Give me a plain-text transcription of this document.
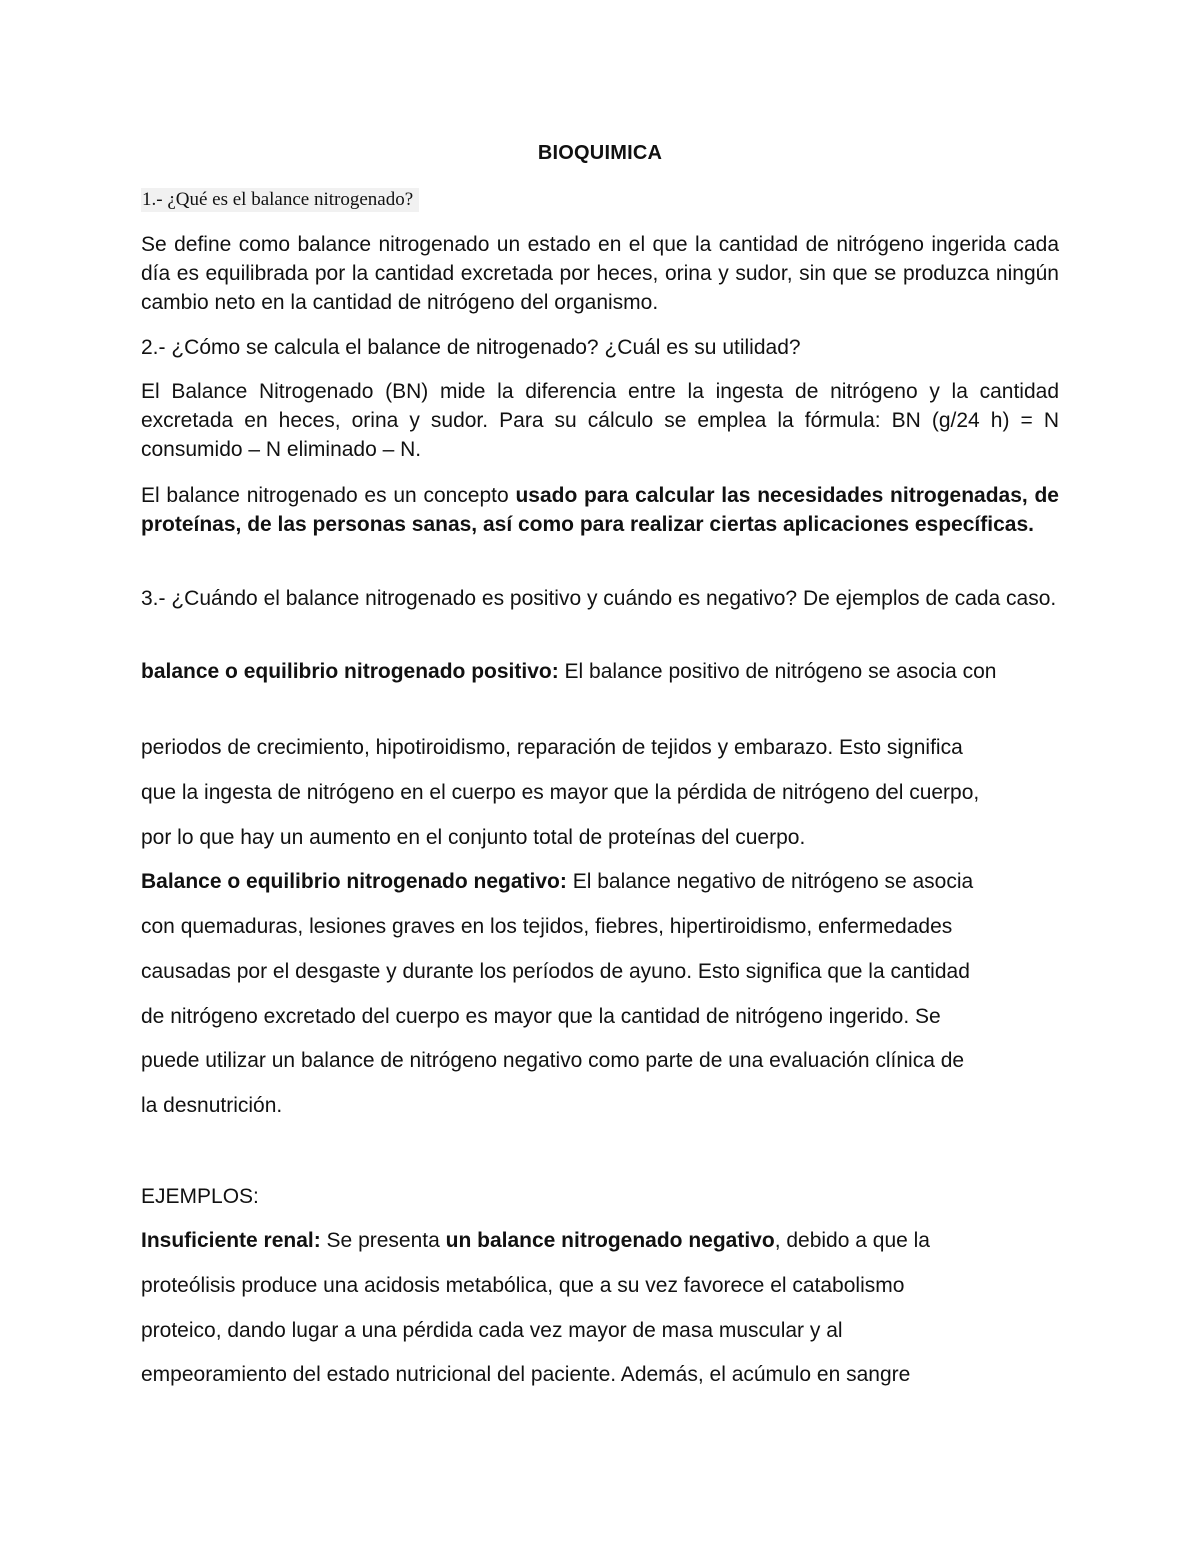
BIOQUIMICA
1.- ¿Qué es el balance nitrogenado?
Se define como balance nitrogenado un estado en el que la cantidad de nitrógeno ingerida cada día es equilibrada por la cantidad excretada por heces, orina y sudor, sin que se produzca ningún cambio neto en la cantidad de nitrógeno del organismo.
2.- ¿Cómo se calcula el balance de nitrogenado? ¿Cuál es su utilidad?
El Balance Nitrogenado (BN) mide la diferencia entre la ingesta de nitrógeno y la cantidad excretada en heces, orina y sudor. Para su cálculo se emplea la fórmula: BN (g/24 h) = N consumido – N eliminado – N.
El balance nitrogenado es un concepto usado para calcular las necesidades nitrogenadas, de proteínas, de las personas sanas, así como para realizar ciertas aplicaciones específicas.
3.- ¿Cuándo el balance nitrogenado es positivo y cuándo es negativo? De ejemplos de cada caso.
balance o equilibrio nitrogenado positivo: El balance positivo de nitrógeno se asocia con
periodos de crecimiento, hipotiroidismo, reparación de tejidos y embarazo. Esto significa
que la ingesta de nitrógeno en el cuerpo es mayor que la pérdida de nitrógeno del cuerpo,
por lo que hay un aumento en el conjunto total de proteínas del cuerpo.
Balance o equilibrio nitrogenado negativo: El balance negativo de nitrógeno se asocia
con quemaduras, lesiones graves en los tejidos, fiebres, hipertiroidismo, enfermedades
causadas por el desgaste y durante los períodos de ayuno. Esto significa que la cantidad
de nitrógeno excretado del cuerpo es mayor que la cantidad de nitrógeno ingerido. Se
puede utilizar un balance de nitrógeno negativo como parte de una evaluación clínica de
la desnutrición.
EJEMPLOS:
Insuficiente renal: Se presenta un balance nitrogenado negativo, debido a que la
proteólisis produce una acidosis metabólica, que a su vez favorece el catabolismo
proteico, dando lugar a una pérdida cada vez mayor de masa muscular y al
empeoramiento del estado nutricional del paciente. Además, el acúmulo en sangre
